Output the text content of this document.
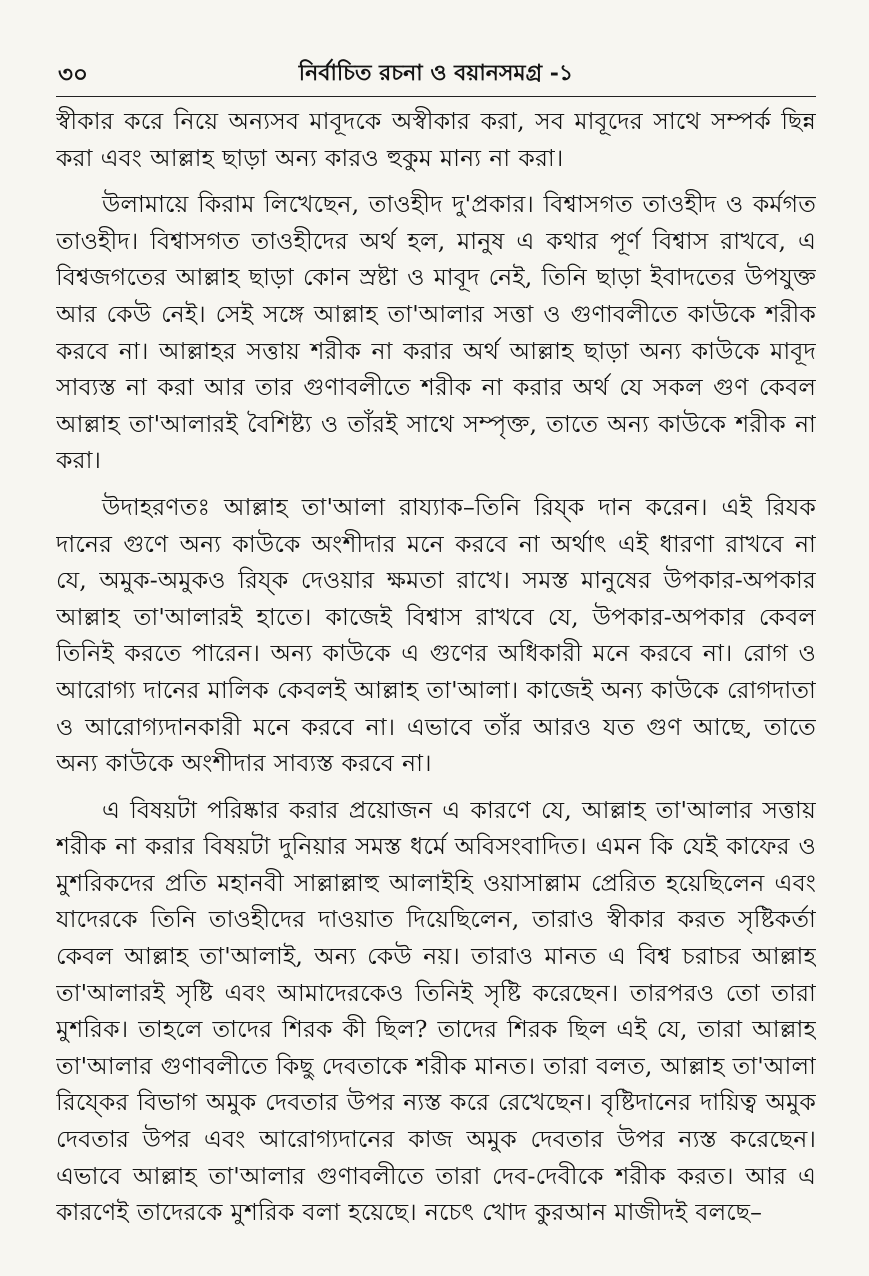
৩০	নির্বাচিত রচনা ও বয়ানসমগ্র -১

স্বীকার করে নিয়ে অন্যসব মাবূদকে অস্বীকার করা, সব মাবূদের সাথে সম্পর্ক ছিন্ন করা এবং আল্লাহ ছাড়া অন্য কারও হুকুম মান্য না করা।

উলামায়ে কিরাম লিখেছেন, তাওহীদ দু'প্রকার। বিশ্বাসগত তাওহীদ ও কর্মগত তাওহীদ। বিশ্বাসগত তাওহীদের অর্থ হল, মানুষ এ কথার পূর্ণ বিশ্বাস রাখবে, এ বিশ্বজগতের আল্লাহ ছাড়া কোন স্রষ্টা ও মাবূদ নেই, তিনি ছাড়া ইবাদতের উপযুক্ত আর কেউ নেই। সেই সঙ্গে আল্লাহ তা'আলার সত্তা ও গুণাবলীতে কাউকে শরীক করবে না। আল্লাহর সত্তায় শরীক না করার অর্থ আল্লাহ ছাড়া অন্য কাউকে মাবূদ সাব্যস্ত না করা আর তার গুণাবলীতে শরীক না করার অর্থ যে সকল গুণ কেবল আল্লাহ তা'আলারই বৈশিষ্ট্য ও তাঁরই সাথে সম্পৃক্ত, তাতে অন্য কাউকে শরীক না করা।

উদাহরণতঃ আল্লাহ তা'আলা রায্যাক–তিনি রিয্ক দান করেন। এই রিযক দানের গুণে অন্য কাউকে অংশীদার মনে করবে না অর্থাৎ এই ধারণা রাখবে না যে, অমুক-অমুকও রিয্ক দেওয়ার ক্ষমতা রাখে। সমস্ত মানুষের উপকার-অপকার আল্লাহ তা'আলারই হাতে। কাজেই বিশ্বাস রাখবে যে, উপকার-অপকার কেবল তিনিই করতে পারেন। অন্য কাউকে এ গুণের অধিকারী মনে করবে না। রোগ ও আরোগ্য দানের মালিক কেবলই আল্লাহ তা'আলা। কাজেই অন্য কাউকে রোগদাতা ও আরোগ্যদানকারী মনে করবে না। এভাবে তাঁর আরও যত গুণ আছে, তাতে অন্য কাউকে অংশীদার সাব্যস্ত করবে না।

এ বিষয়টা পরিষ্কার করার প্রয়োজন এ কারণে যে, আল্লাহ তা'আলার সত্তায় শরীক না করার বিষয়টা দুনিয়ার সমস্ত ধর্মে অবিসংবাদিত। এমন কি যেই কাফের ও মুশরিকদের প্রতি মহানবী সাল্লাল্লাহু আলাইহি ওয়াসাল্লাম প্রেরিত হয়েছিলেন এবং যাদেরকে তিনি তাওহীদের দাওয়াত দিয়েছিলেন, তারাও স্বীকার করত সৃষ্টিকর্তা কেবল আল্লাহ তা'আলাই, অন্য কেউ নয়। তারাও মানত এ বিশ্ব চরাচর আল্লাহ তা'আলারই সৃষ্টি এবং আমাদেরকেও তিনিই সৃষ্টি করেছেন। তারপরও তো তারা মুশরিক। তাহলে তাদের শিরক কী ছিল? তাদের শিরক ছিল এই যে, তারা আল্লাহ তা'আলার গুণাবলীতে কিছু দেবতাকে শরীক মানত। তারা বলত, আল্লাহ তা'আলা রিয্কের বিভাগ অমুক দেবতার উপর ন্যস্ত করে রেখেছেন। বৃষ্টিদানের দায়িত্ব অমুক দেবতার উপর এবং আরোগ্যদানের কাজ অমুক দেবতার উপর ন্যস্ত করেছেন। এভাবে আল্লাহ তা'আলার গুণাবলীতে তারা দেব-দেবীকে শরীক করত। আর এ কারণেই তাদেরকে মুশরিক বলা হয়েছে। নচেৎ খোদ কুরআন মাজীদই বলছে–
